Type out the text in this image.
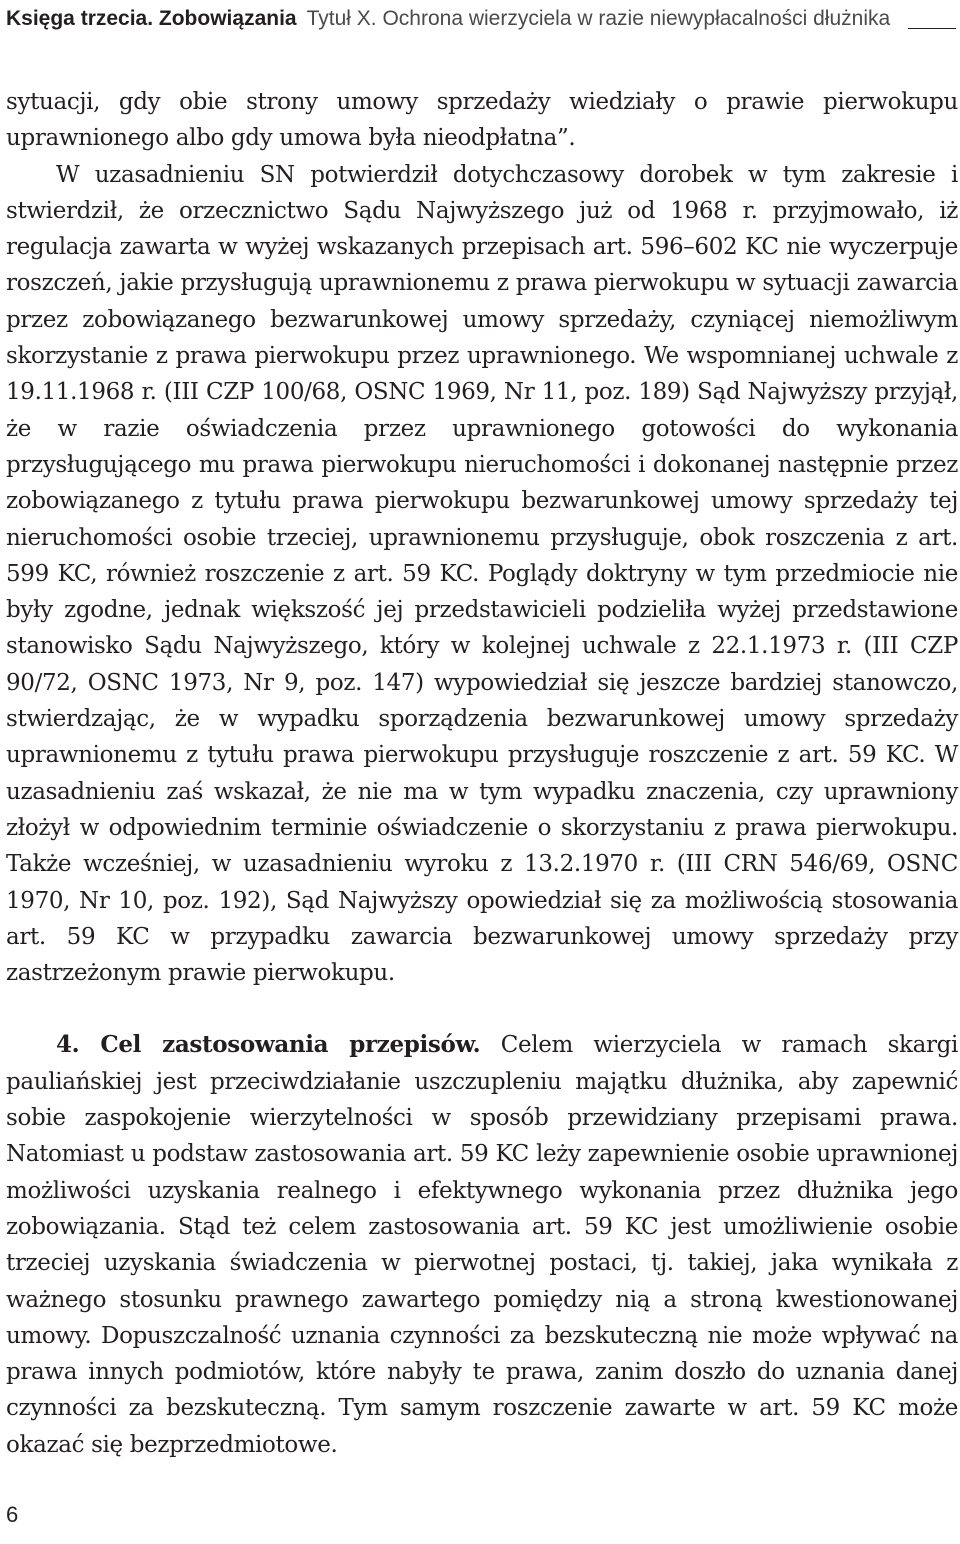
Księga trzecia. Zobowiązania Tytuł X. Ochrona wierzyciela w razie niewypłacalności dłużnika

sytuacji, gdy obie strony umowy sprzedaży wiedziały o prawie pierwokupu uprawnionego albo gdy umowa była nieodpłatna”.

W uzasadnieniu SN potwierdził dotychczasowy dorobek w tym zakresie i stwierdził, że orzecznictwo Sądu Najwyższego już od 1968 r. przyjmowało, iż regulacja zawarta w wyżej wskazanych przepisach art. 596–602 KC nie wyczerpuje roszczeń, jakie przysługują uprawnionemu z prawa pierwokupu w sytuacji zawarcia przez zobowiązanego bezwarunkowej umowy sprzedaży, czyniącej niemożliwym skorzystanie z prawa pierwokupu przez uprawnionego. We wspomnianej uchwale z 19.11.1968 r. (III CZP 100/68, OSNC 1969, Nr 11, poz. 189) Sąd Najwyższy przyjął, że w razie oświadczenia przez uprawnionego gotowości do wykonania przysługującego mu prawa pierwokupu nieruchomości i dokonanej następnie przez zobowiązanego z tytułu prawa pierwokupu bezwarunkowej umowy sprzedaży tej nieruchomości osobie trzeciej, uprawnionemu przysługuje, obok roszczenia z art. 599 KC, również roszczenie z art. 59 KC. Poglądy doktryny w tym przedmiocie nie były zgodne, jednak większość jej przedstawicieli podzieliła wyżej przedstawione stanowisko Sądu Najwyższego, który w kolejnej uchwale z 22.1.1973 r. (III CZP 90/72, OSNC 1973, Nr 9, poz. 147) wypowiedział się jeszcze bardziej stanowczo, stwierdzając, że w wypadku sporządzenia bezwarunkowej umowy sprzedaży uprawnionemu z tytułu prawa pierwokupu przysługuje roszczenie z art. 59 KC. W uzasadnieniu zaś wskazał, że nie ma w tym wypadku znaczenia, czy uprawniony złożył w odpowiednim terminie oświadczenie o skorzystaniu z prawa pierwokupu. Także wcześniej, w uzasadnieniu wyroku z 13.2.1970 r. (III CRN 546/69, OSNC 1970, Nr 10, poz. 192), Sąd Najwyższy opowiedział się za możliwością stosowania art. 59 KC w przypadku zawarcia bezwarunkowej umowy sprzedaży przy zastrzeżonym prawie pierwokupu.

4. Cel zastosowania przepisów. Celem wierzyciela w ramach skargi pauliańskiej jest przeciwdziałanie uszczupleniu majątku dłużnika, aby zapewnić sobie zaspokojenie wierzytelności w sposób przewidziany przepisami prawa. Natomiast u podstaw zastosowania art. 59 KC leży zapewnienie osobie uprawnionej możliwości uzyskania realnego i efektywnego wykonania przez dłużnika jego zobowiązania. Stąd też celem zastosowania art. 59 KC jest umożliwienie osobie trzeciej uzyskania świadczenia w pierwotnej postaci, tj. takiej, jaka wynikała z ważnego stosunku prawnego zawartego pomiędzy nią a stroną kwestionowanej umowy. Dopuszczalność uznania czynności za bezskuteczną nie może wpływać na prawa innych podmiotów, które nabyły te prawa, zanim doszło do uznania danej czynności za bezskuteczną. Tym samym roszczenie zawarte w art. 59 KC może okazać się bezprzedmiotowe.

6
